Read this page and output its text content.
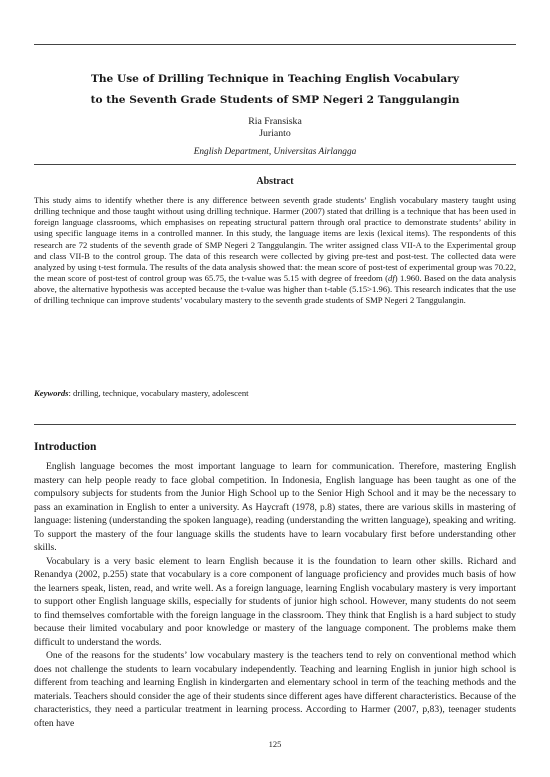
The Use of Drilling Technique in Teaching English Vocabulary

to the Seventh Grade Students of SMP Negeri 2 Tanggulangin

Ria Fransiska

Jurianto

English Department, Universitas Airlangga

Abstract

This study aims to identify whether there is any difference between seventh grade students’ English vocabulary mastery taught using drilling technique and those taught without using drilling technique. Harmer (2007) stated that drilling is a technique that has been used in foreign language classrooms, which emphasises on repeating structural pattern through oral practice to demonstrate students’ ability in using specific language items in a controlled manner. In this study, the language items are lexis (lexical items). The respondents of this research are 72 students of the seventh grade of SMP Negeri 2 Tanggulangin. The writer assigned class VII-A to the Experimental group and class VII-B to the control group. The data of this research were collected by giving pre-test and post-test. The collected data were analyzed by using t-test formula. The results of the data analysis showed that: the mean score of post-test of experimental group was 70.22, the mean score of post-test of control group was 65.75, the t-value was 5.15 with degree of freedom (df) 1.960. Based on the data analysis above, the alternative hypothesis was accepted because the t-value was higher than t-table (5.15>1.96). This research indicates that the use of drilling technique can improve students’ vocabulary mastery to the seventh grade students of SMP Negeri 2 Tanggulangin.

Keywords: drilling, technique, vocabulary mastery, adolescent

Introduction

English language becomes the most important language to learn for communication. Therefore, mastering English mastery can help people ready to face global competition. In Indonesia, English language has been taught as one of the compulsory subjects for students from the Junior High School up to the Senior High School and it may be the necessary to pass an examination in English to enter a university. As Haycraft (1978, p.8) states, there are various skills in mastering of language: listening (understanding the spoken language), reading (understanding the written language), speaking and writing. To support the mastery of the four language skills the students have to learn vocabulary first before understanding other skills.

Vocabulary is a very basic element to learn English because it is the foundation to learn other skills. Richard and Renandya (2002, p.255) state that vocabulary is a core component of language proficiency and provides much basis of how the learners speak, listen, read, and write well. As a foreign language, learning English vocabulary mastery is very important to support other English language skills, especially for students of junior high school. However, many students do not seem to find themselves comfortable with the foreign language in the classroom. They think that English is a hard subject to study because their limited vocabulary and poor knowledge or mastery of the language component. The problems make them difficult to understand the words.

One of the reasons for the students’ low vocabulary mastery is the teachers tend to rely on conventional method which does not challenge the students to learn vocabulary independently. Teaching and learning English in junior high school is different from teaching and learning English in kindergarten and elementary school in term of the teaching methods and the materials. Teachers should consider the age of their students since different ages have different characteristics. Because of the characteristics, they need a particular treatment in learning process. According to Harmer (2007, p,83), teenager students often have

125
